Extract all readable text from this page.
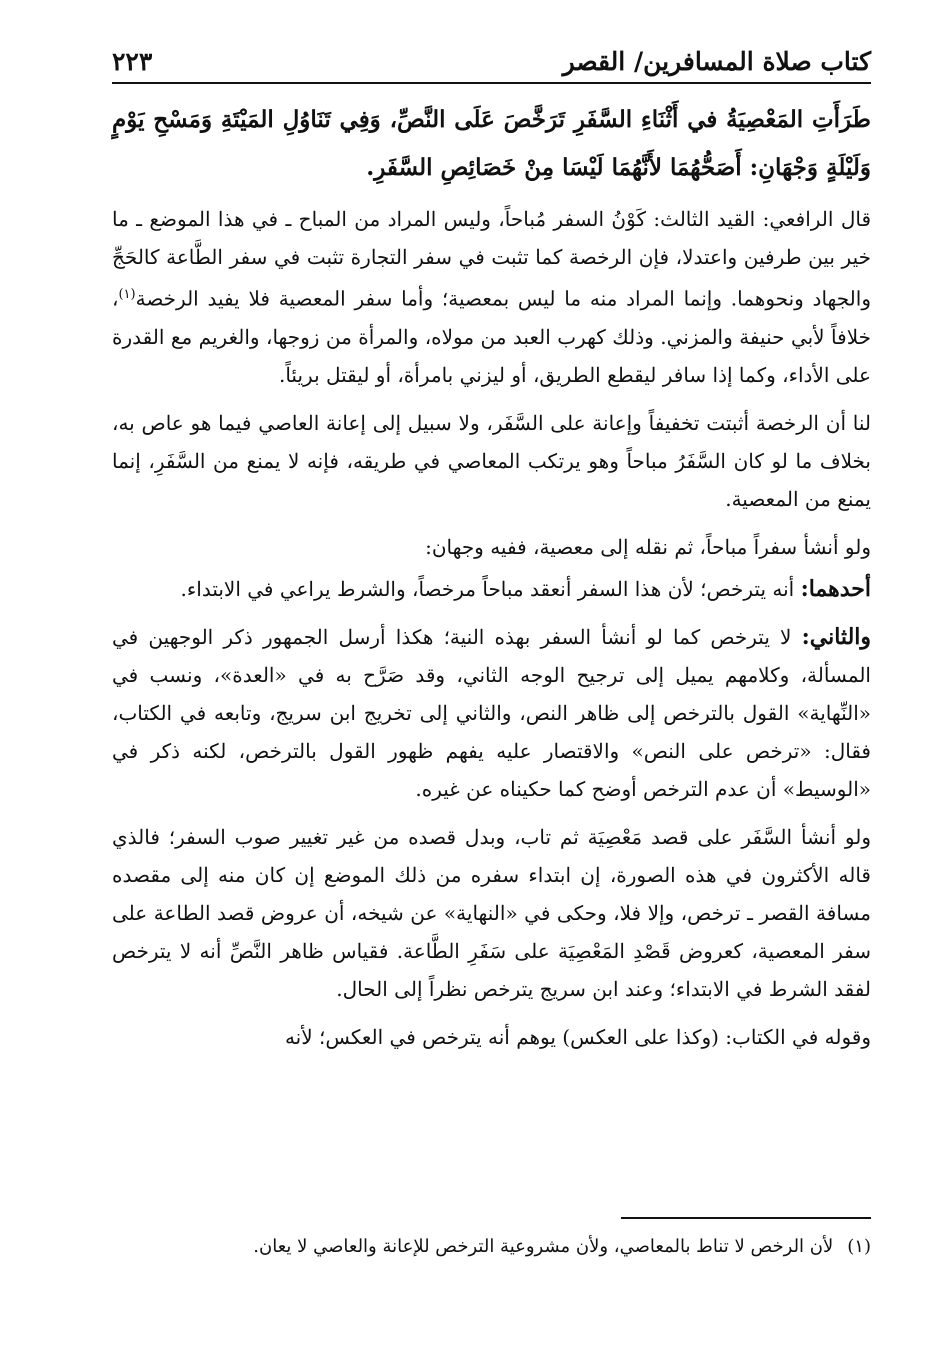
كتاب صلاة المسافرين/ القصر
٢٢٣

طَرَأَتِ المَعْصِيَةُ في أَثْنَاءِ السَّفَرِ تَرَخَّصَ عَلَى النَّصِّ، وَفِي تَنَاوُلِ المَيْتَةِ وَمَسْحِ يَوْمٍ وَلَيْلَةٍ وَجْهَانِ: أَصَحُّهُمَا لأَنَّهُمَا لَيْسَا مِنْ خَصَائِصِ السَّفَرِ.

قال الرافعي: القيد الثالث: كَوْنُ السفر مُباحاً، وليس المراد من المباح ـ في هذا الموضع ـ ما خير بين طرفين واعتدلا، فإن الرخصة كما تثبت في سفر التجارة تثبت في سفر الطَّاعة كالحَجِّ والجهاد ونحوهما. وإنما المراد منه ما ليس بمعصية؛ وأما سفر المعصية فلا يفيد الرخصة$^{(١)}$، خلافاً لأبي حنيفة والمزني. وذلك كهرب العبد من مولاه، والمرأة من زوجها، والغريم مع القدرة على الأداء، وكما إذا سافر ليقطع الطريق، أو ليزني بامرأة، أو ليقتل بريئاً.

لنا أن الرخصة أثبتت تخفيفاً وإعانة على السَّفَر، ولا سبيل إلى إعانة العاصي فيما هو عاص به، بخلاف ما لو كان السَّفَرُ مباحاً وهو يرتكب المعاصي في طريقه، فإنه لا يمنع من السَّفَرِ، إنما يمنع من المعصية.

ولو أنشأ سفراً مباحاً، ثم نقله إلى معصية، ففيه وجهان:

أحدهما: أنه يترخص؛ لأن هذا السفر أنعقد مباحاً مرخصاً، والشرط يراعي في الابتداء.

والثاني: لا يترخص كما لو أنشأ السفر بهذه النية؛ هكذا أرسل الجمهور ذكر الوجهين في المسألة، وكلامهم يميل إلى ترجيح الوجه الثاني، وقد صَرَّح به في «العدة»، ونسب في «النِّهاية» القول بالترخص إلى ظاهر النص، والثاني إلى تخريج ابن سريج، وتابعه في الكتاب، فقال: «ترخص على النص» والاقتصار عليه يفهم ظهور القول بالترخص، لكنه ذكر في «الوسيط» أن عدم الترخص أوضح كما حكيناه عن غيره.

ولو أنشأ السَّفَر على قصد مَعْصِيَة ثم تاب، وبدل قصده من غير تغيير صوب السفر؛ فالذي قاله الأكثرون في هذه الصورة، إن ابتداء سفره من ذلك الموضع إن كان منه إلى مقصده مسافة القصر ـ ترخص، وإلا فلا، وحكى في «النهاية» عن شيخه، أن عروض قصد الطاعة على سفر المعصية، كعروض قَصْدِ المَعْصِيَة على سَفَرِ الطَّاعة. فقياس ظاهر النَّصِّ أنه لا يترخص لفقد الشرط في الابتداء؛ وعند ابن سريج يترخص نظراً إلى الحال.

وقوله في الكتاب: (وكذا على العكس) يوهم أنه يترخص في العكس؛ لأنه

(١)
لأن الرخص لا تناط بالمعاصي، ولأن مشروعية الترخص للإعانة والعاصي لا يعان.
